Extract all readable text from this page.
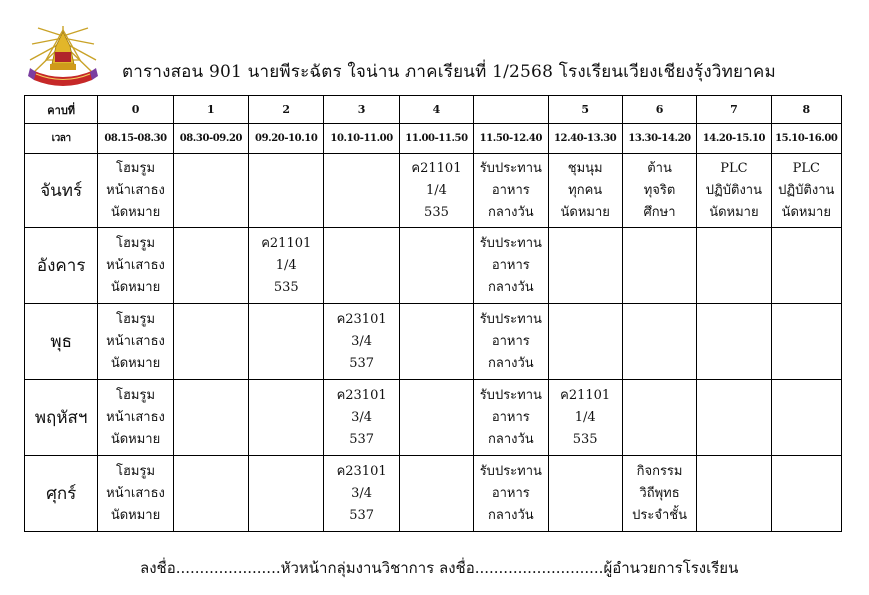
ตารางสอน 901 นายพีระฉัตร ใจน่าน ภาคเรียนที่ 1/2568 โรงเรียนเวียงเชียงรุ้งวิทยาคม
คาบที่	0	1	2	3	4		5	6	7	8
เวลา	08.15-08.30	08.30-09.20	09.20-10.10	10.10-11.00	11.00-11.50	11.50-12.40	12.40-13.30	13.30-14.20	14.20-15.10	15.10-16.00
จันทร์	โฮมรูม
หน้าเสาธง
นัดหมาย				ค21101
1/4
535	รับประทาน
อาหาร
กลางวัน	ชุมนุม
ทุกคน
นัดหมาย	ต้าน
ทุจริต
ศึกษา	PLC
ปฏิบัติงาน
นัดหมาย	PLC
ปฏิบัติงาน
นัดหมาย

อังคาร	โฮมรูม
หน้าเสาธง
นัดหมาย		ค21101
1/4
535			รับประทาน
อาหาร
กลางวัน				

พุธ	โฮมรูม
หน้าเสาธง
นัดหมาย			ค23101
3/4
537		รับประทาน
อาหาร
กลางวัน				

พฤหัสฯ	โฮมรูม
หน้าเสาธง
นัดหมาย			ค23101
3/4
537		รับประทาน
อาหาร
กลางวัน	ค21101
1/4
535			

ศุกร์	โฮมรูม
หน้าเสาธง
นัดหมาย			ค23101
3/4
537		รับประทาน
อาหาร
กลางวัน		กิจกรรม
วิถีพุทธ
ประจำชั้น		

ลงชื่อ......................หัวหน้ากลุ่มงานวิชาการ ลงชื่อ...........................ผู้อำนวยการโรงเรียน
